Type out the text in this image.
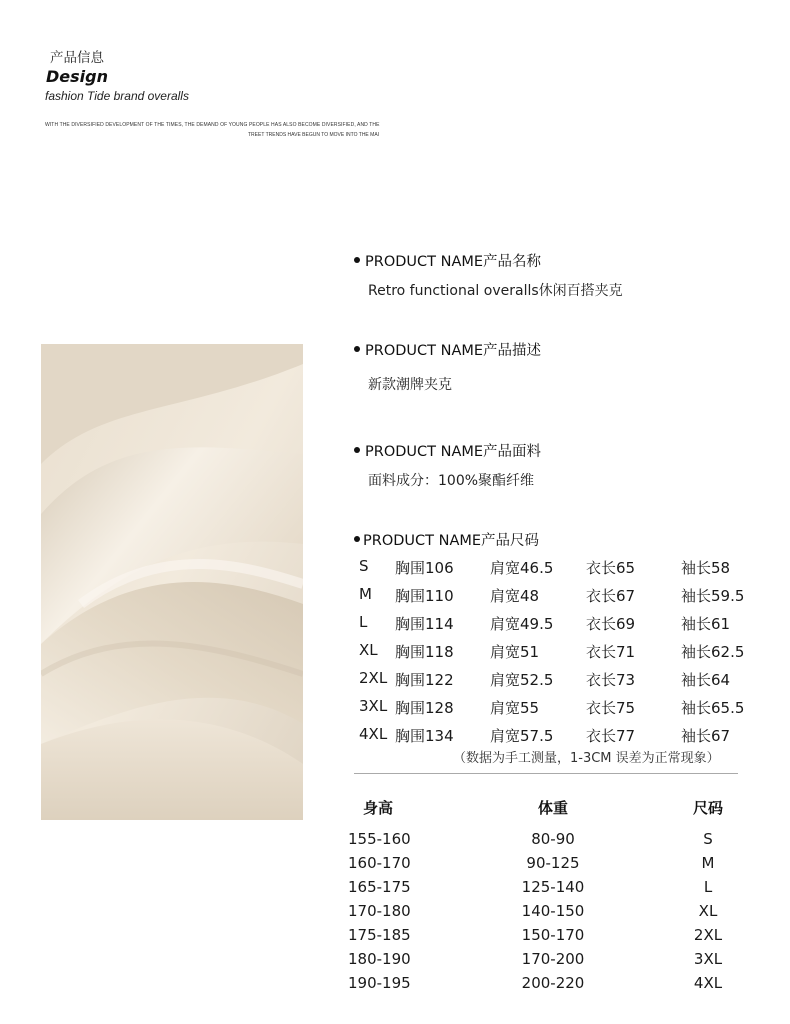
产品信息
Design
fashion Tide brand overalls
WITH THE DIVERSIFIED DEVELOPMENT OF THE TIMES, THE DEMAND OF YOUNG PEOPLE HAS ALSO BECOME DIVERSIFIED, AND THE
TREET TRENDS HAVE BEGUN TO MOVE INTO THE MAI
PRODUCT NAME产品名称
Retro functional overalls休闲百搭夹克
PRODUCT NAME产品描述
新款潮牌夹克
PRODUCT NAME产品面料
面料成分：100%聚酯纤维
PRODUCT NAME产品尺码
S 胸围106 肩宽46.5 衣长65	袖长58
M 胸围110 肩宽48	衣长67	袖长59.5
L 胸围114 肩宽49.5 衣长69	袖长61
XL 胸围118 肩宽51	衣长71	袖长62.5
2XL 胸围122 肩宽52.5 衣长73	袖长64
3XL 胸围128 肩宽55	衣长75	袖长65.5
4XL 胸围134 肩宽57.5 衣长77	袖长67
（数据为手工测量，1-3CM 误差为正常现象）
身高	体重	尺码
155-160	80-90	S
160-170	90-125	M
165-175	125-140	L
170-180	140-150	XL
175-185	150-170	2XL
180-190	170-200	3XL
190-195	200-220	4XL
